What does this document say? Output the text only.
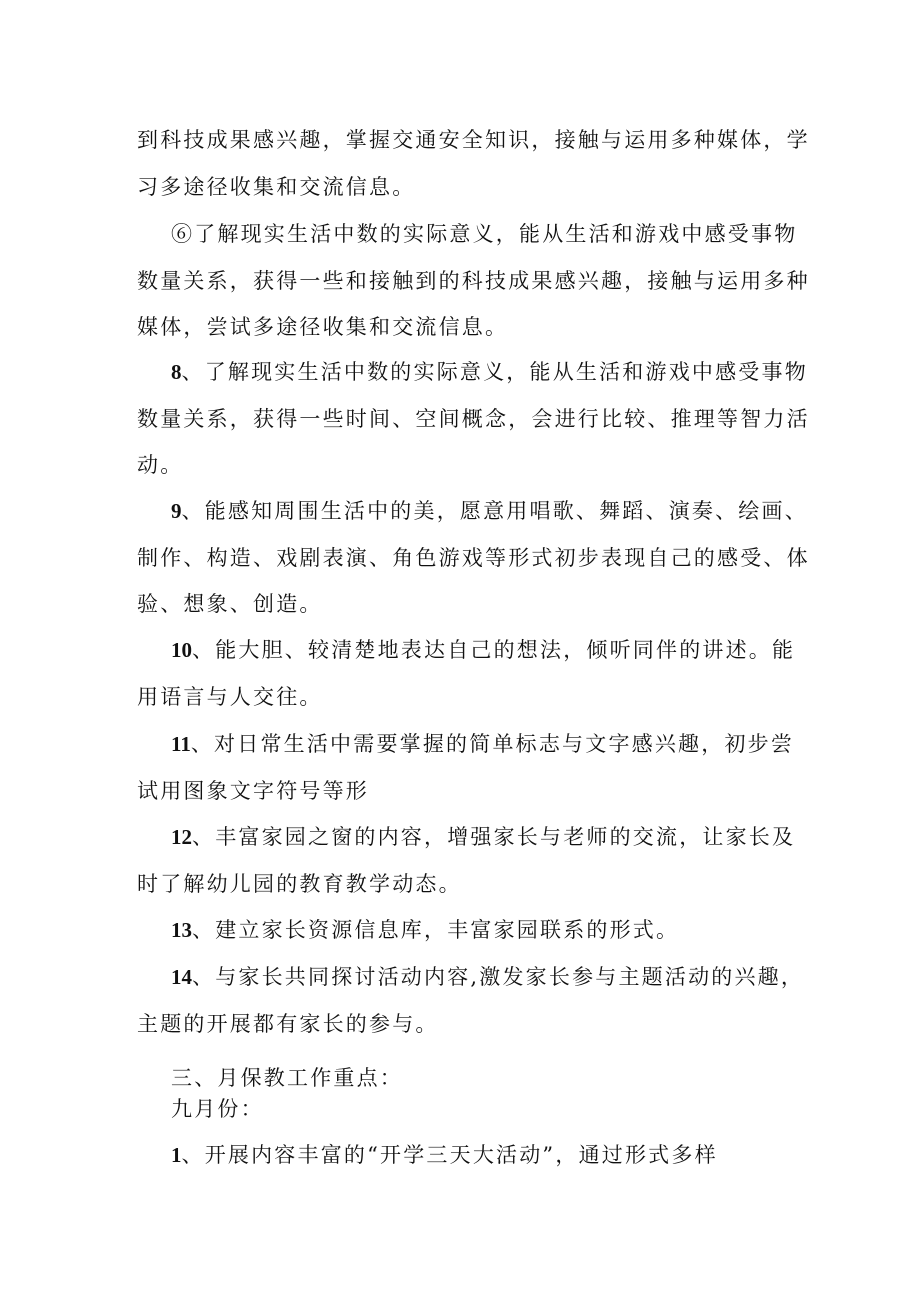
到科技成果感兴趣，掌握交通安全知识，接触与运用多种媒体，学习多途径收集和交流信息。

⑥了解现实生活中数的实际意义，能从生活和游戏中感受事物数量关系，获得一些和接触到的科技成果感兴趣，接触与运用多种媒体，尝试多途径收集和交流信息。

8、了解现实生活中数的实际意义，能从生活和游戏中感受事物数量关系，获得一些时间、空间概念，会进行比较、推理等智力活动。

9、能感知周围生活中的美，愿意用唱歌、舞蹈、演奏、绘画、制作、构造、戏剧表演、角色游戏等形式初步表现自己的感受、体验、想象、创造。

10、能大胆、较清楚地表达自己的想法，倾听同伴的讲述。能用语言与人交往。

11、对日常生活中需要掌握的简单标志与文字感兴趣，初步尝试用图象文字符号等形

12、丰富家园之窗的内容，增强家长与老师的交流，让家长及时了解幼儿园的教育教学动态。

13、建立家长资源信息库，丰富家园联系的形式。

14、与家长共同探讨活动内容,激发家长参与主题活动的兴趣，主题的开展都有家长的参与。

三、月保教工作重点：

九月份：

1、开展内容丰富的“开学三天大活动”，通过形式多样
